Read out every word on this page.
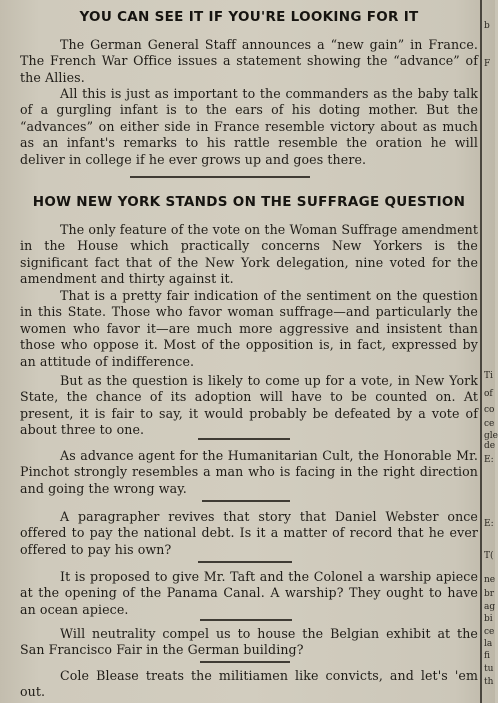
YOU CAN SEE IT IF YOU'RE LOOKING FOR IT

The German General Staff announces a “new gain” in France. The French War Office issues a statement showing the “advance” of the Allies.

All this is just as important to the commanders as the baby talk of a gurgling infant is to the ears of his doting mother. But the “advances” on either side in France resemble victory about as much as an infant's remarks to his rattle resemble the oration he will deliver in college if he ever grows up and goes there.

HOW NEW YORK STANDS ON THE SUFFRAGE QUESTION

The only feature of the vote on the Woman Suffrage amendment in the House which practically concerns New Yorkers is the significant fact that of the New York delegation, nine voted for the amendment and thirty against it.

That is a pretty fair indication of the sentiment on the question in this State. Those who favor woman suffrage—and particularly the women who favor it—are much more aggressive and insistent than those who oppose it. Most of the opposition is, in fact, expressed by an attitude of indifference.

But as the question is likely to come up for a vote, in New York State, the chance of its adoption will have to be counted on. At present, it is fair to say, it would probably be defeated by a vote of about three to one.

As advance agent for the Humanitarian Cult, the Honorable Mr. Pinchot strongly resembles a man who is facing in the right direction and going the wrong way.

A paragrapher revives that story that Daniel Webster once offered to pay the national debt. Is it a matter of record that he ever offered to pay his own?

It is proposed to give Mr. Taft and the Colonel a warship apiece at the opening of the Panama Canal. A warship? They ought to have an ocean apiece.

Will neutrality compel us to house the Belgian exhibit at the San Francisco Fair in the German building?

Cole Blease treats the militiamen like convicts, and let's 'em out.

b
F
Ti
of
co
ce
gle
de
E:
E:
T(
ne
br
ag
bi
ce
la
fi
tu
th
